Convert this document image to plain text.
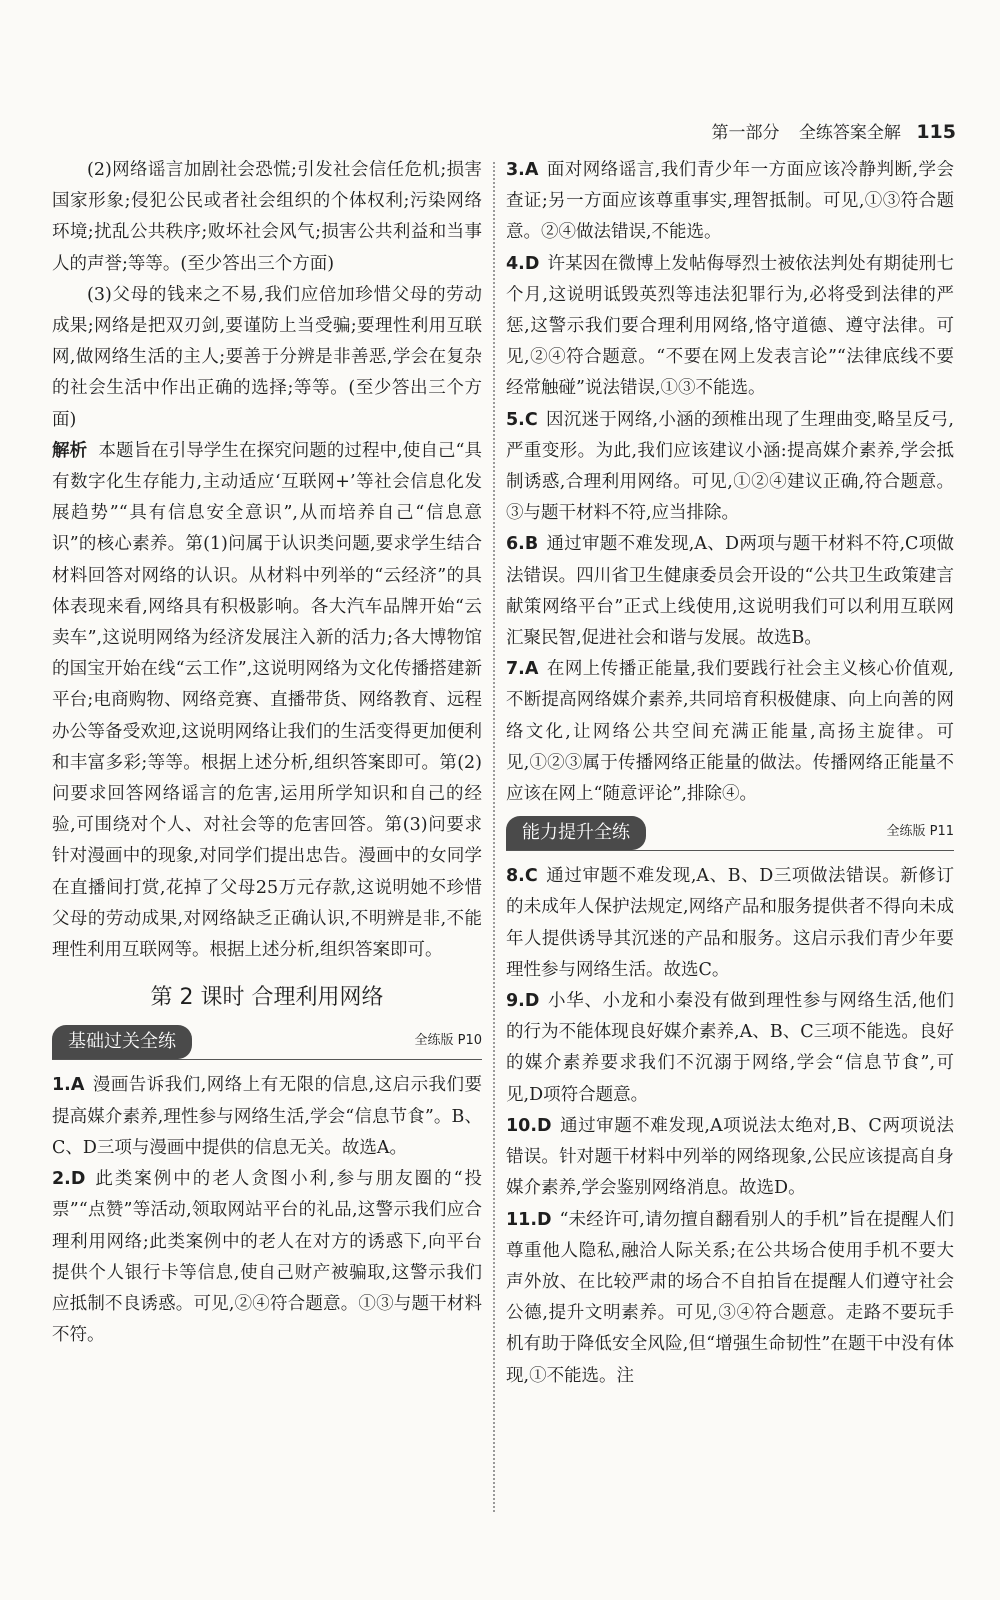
第一部分 全练答案全解 115

(2)网络谣言加剧社会恐慌;引发社会信任危机;损害国家形象;侵犯公民或者社会组织的个体权利;污染网络环境;扰乱公共秩序;败坏社会风气;损害公共利益和当事人的声誉;等等。(至少答出三个方面)

(3)父母的钱来之不易,我们应倍加珍惜父母的劳动成果;网络是把双刃剑,要谨防上当受骗;要理性利用互联网,做网络生活的主人;要善于分辨是非善恶,学会在复杂的社会生活中作出正确的选择;等等。(至少答出三个方面)

解析 本题旨在引导学生在探究问题的过程中,使自己“具有数字化生存能力,主动适应‘互联网+’等社会信息化发展趋势”“具有信息安全意识”,从而培养自己“信息意识”的核心素养。第(1)问属于认识类问题,要求学生结合材料回答对网络的认识。从材料中列举的“云经济”的具体表现来看,网络具有积极影响。各大汽车品牌开始“云卖车”,这说明网络为经济发展注入新的活力;各大博物馆的国宝开始在线“云工作”,这说明网络为文化传播搭建新平台;电商购物、网络竞赛、直播带货、网络教育、远程办公等备受欢迎,这说明网络让我们的生活变得更加便利和丰富多彩;等等。根据上述分析,组织答案即可。第(2)问要求回答网络谣言的危害,运用所学知识和自己的经验,可围绕对个人、对社会等的危害回答。第(3)问要求针对漫画中的现象,对同学们提出忠告。漫画中的女同学在直播间打赏,花掉了父母25万元存款,这说明她不珍惜父母的劳动成果,对网络缺乏正确认识,不明辨是非,不能理性利用互联网等。根据上述分析,组织答案即可。

第 2 课时 合理利用网络
基础过关全练	全练版 P10

1.A 漫画告诉我们,网络上有无限的信息,这启示我们要提高媒介素养,理性参与网络生活,学会“信息节食”。B、C、D三项与漫画中提供的信息无关。故选A。

2.D 此类案例中的老人贪图小利,参与朋友圈的“投票”“点赞”等活动,领取网站平台的礼品,这警示我们应合理利用网络;此类案例中的老人在对方的诱惑下,向平台提供个人银行卡等信息,使自己财产被骗取,这警示我们应抵制不良诱惑。可见,②④符合题意。①③与题干材料不符。

3.A 面对网络谣言,我们青少年一方面应该冷静判断,学会查证;另一方面应该尊重事实,理智抵制。可见,①③符合题意。②④做法错误,不能选。

4.D 许某因在微博上发帖侮辱烈士被依法判处有期徒刑七个月,这说明诋毁英烈等违法犯罪行为,必将受到法律的严惩,这警示我们要合理利用网络,恪守道德、遵守法律。可见,②④符合题意。“不要在网上发表言论”“法律底线不要经常触碰”说法错误,①③不能选。

5.C 因沉迷于网络,小涵的颈椎出现了生理曲变,略呈反弓,严重变形。为此,我们应该建议小涵:提高媒介素养,学会抵制诱惑,合理利用网络。可见,①②④建议正确,符合题意。③与题干材料不符,应当排除。

6.B 通过审题不难发现,A、D两项与题干材料不符,C项做法错误。四川省卫生健康委员会开设的“公共卫生政策建言献策网络平台”正式上线使用,这说明我们可以利用互联网汇聚民智,促进社会和谐与发展。故选B。

7.A 在网上传播正能量,我们要践行社会主义核心价值观,不断提高网络媒介素养,共同培育积极健康、向上向善的网络文化,让网络公共空间充满正能量,高扬主旋律。可见,①②③属于传播网络正能量的做法。传播网络正能量不应该在网上“随意评论”,排除④。

能力提升全练	全练版 P11

8.C 通过审题不难发现,A、B、D三项做法错误。新修订的未成年人保护法规定,网络产品和服务提供者不得向未成年人提供诱导其沉迷的产品和服务。这启示我们青少年要理性参与网络生活。故选C。

9.D 小华、小龙和小秦没有做到理性参与网络生活,他们的行为不能体现良好媒介素养,A、B、C三项不能选。良好的媒介素养要求我们不沉溺于网络,学会“信息节食”,可见,D项符合题意。

10.D 通过审题不难发现,A项说法太绝对,B、C两项说法错误。针对题干材料中列举的网络现象,公民应该提高自身媒介素养,学会鉴别网络消息。故选D。

11.D “未经许可,请勿擅自翻看别人的手机”旨在提醒人们尊重他人隐私,融洽人际关系;在公共场合使用手机不要大声外放、在比较严肃的场合不自拍旨在提醒人们遵守社会公德,提升文明素养。可见,③④符合题意。走路不要玩手机有助于降低安全风险,但“增强生命韧性”在题干中没有体现,①不能选。注
